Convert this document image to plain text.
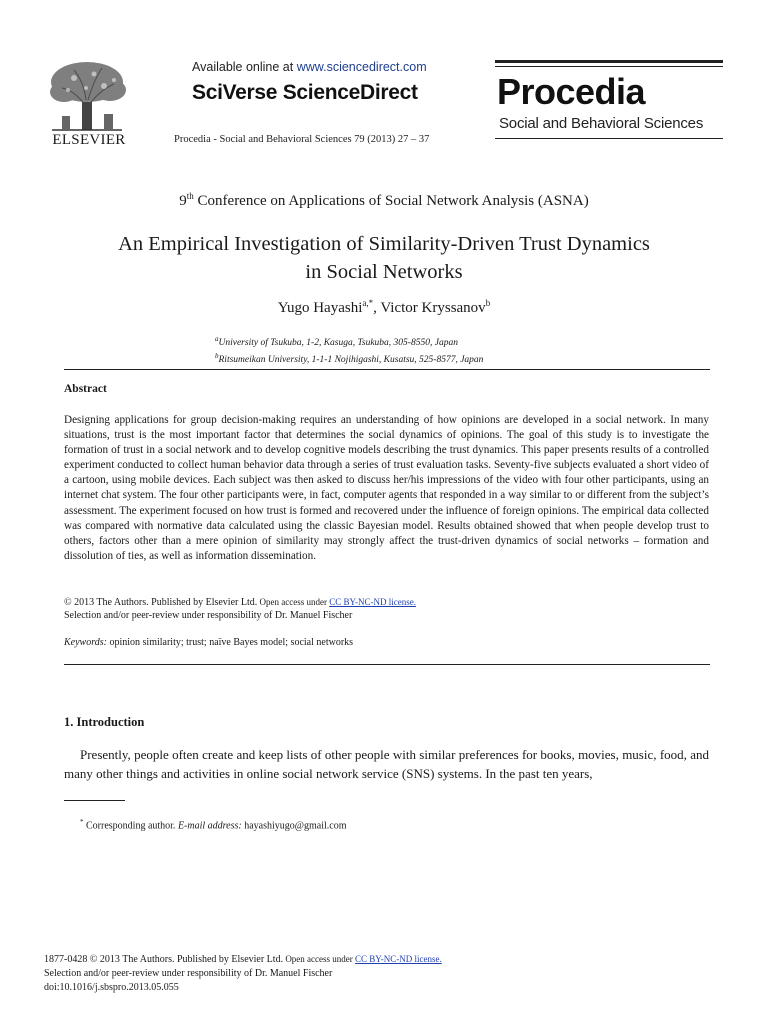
ELSEVIER
Available online at www.sciencedirect.com
SciVerse ScienceDirect
Procedia - Social and Behavioral Sciences 79 (2013) 27 – 37
Procedia
Social and Behavioral Sciences
9th Conference on Applications of Social Network Analysis (ASNA)
An Empirical Investigation of Similarity-Driven Trust Dynamics
in Social Networks
Yugo Hayashi$^{a,*}$, Victor Kryssanov$^b$
$^a$University of Tsukuba, 1-2, Kasuga, Tsukuba, 305-8550, Japan
$^b$Ritsumeikan University, 1-1-1 Nojihigashi, Kusatsu, 525-8577, Japan
Abstract
Designing applications for group decision-making requires an understanding of how opinions are developed in a social network. In many situations, trust is the most important factor that determines the social dynamics of opinions. The goal of this study is to investigate the formation of trust in a social network and to develop cognitive models describing the trust dynamics. This paper presents results of a controlled experiment conducted to collect human behavior data through a series of trust evaluation tasks. Seventy-five subjects evaluated a short video of a cartoon, using mobile devices. Each subject was then asked to discuss her/his impressions of the video with four other participants, using an internet chat system. The four other participants were, in fact, computer agents that responded in a way similar to or different from the subject’s assessment. The experiment focused on how trust is formed and recovered under the influence of foreign opinions. The empirical data collected was compared with normative data calculated using the classic Bayesian model. Results obtained showed that when people develop trust to others, factors other than a mere opinion of similarity may strongly affect the trust-driven dynamics of social networks – formation and dissolution of ties, as well as information dissemination.
© 2013 The Authors. Published by Elsevier Ltd. Open access under CC BY-NC-ND license.
Selection and/or peer-review under responsibility of Dr. Manuel Fischer
Keywords: opinion similarity; trust; naïve Bayes model; social networks
1. Introduction
Presently, people often create and keep lists of other people with similar preferences for books, movies, music, food, and many other things and activities in online social network service (SNS) systems. In the past ten years,
* Corresponding author. E-mail address: hayashiyugo@gmail.com
1877-0428 © 2013 The Authors. Published by Elsevier Ltd. Open access under CC BY-NC-ND license.
Selection and/or peer-review under responsibility of Dr. Manuel Fischer
doi:10.1016/j.sbspro.2013.05.055
